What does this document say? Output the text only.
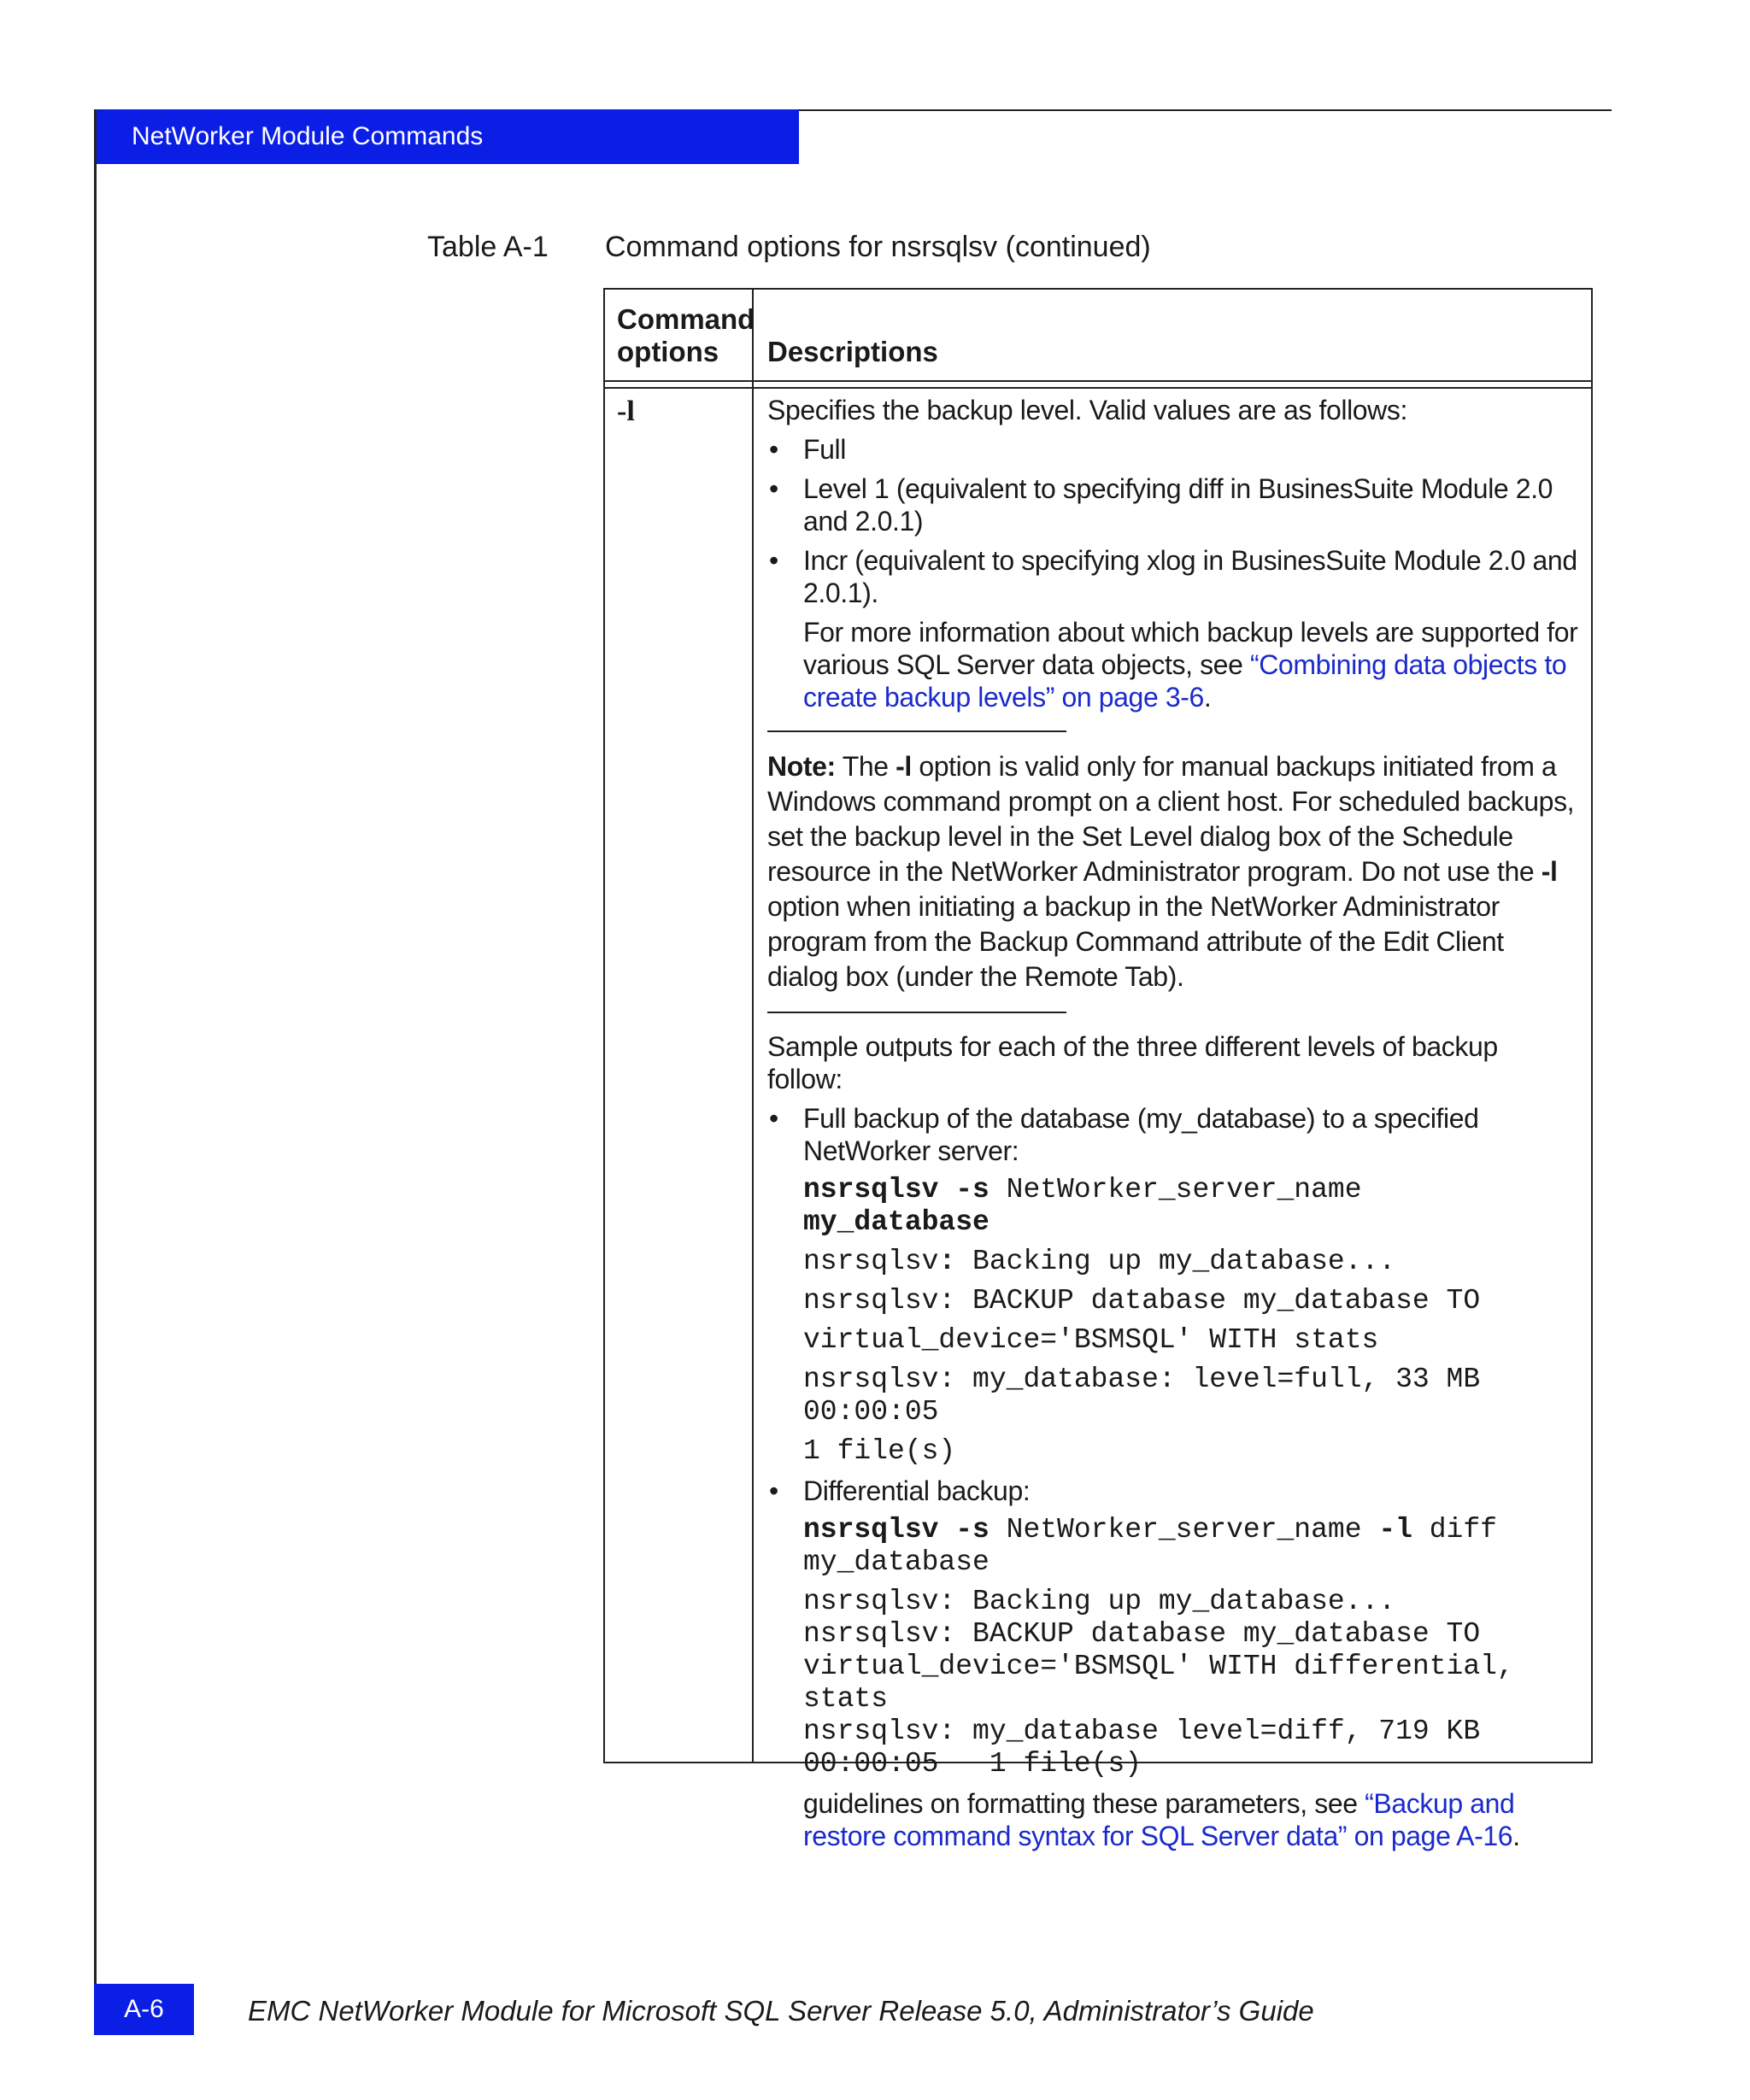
NetWorker Module Commands
Table A-1 Command options for nsrsqlsv (continued)
Command
options	Descriptions
-l	Specifies the backup level. Valid values are as follows:

• Full
• Level 1 (equivalent to specifying diff in BusinesSuite Module 2.0 and 2.0.1)
• Incr (equivalent to specifying xlog in BusinesSuite Module 2.0 and 2.0.1).

For more information about which backup levels are supported for various SQL Server data objects, see “Combining data objects to create backup levels” on page 3-6.

Note: The -l option is valid only for manual backups initiated from a Windows command prompt on a client host. For scheduled backups, set the backup level in the Set Level dialog box of the Schedule resource in the NetWorker Administrator program. Do not use the -l option when initiating a backup in the NetWorker Administrator program from the Backup Command attribute of the Edit Client dialog box (under the Remote Tab).

Sample outputs for each of the three different levels of backup follow:

• Full backup of the database (my_database) to a specified NetWorker server:
nsrsqlsv -s NetWorker_server_name
my_database
nsrsqlsv: Backing up my_database...
nsrsqlsv: BACKUP database my_database TO
virtual_device='BSMSQL' WITH stats
nsrsqlsv: my_database: level=full, 33 MB
00:00:05
1 file(s)
• Differential backup:
nsrsqlsv -s NetWorker_server_name -l diff
my_database
nsrsqlsv: Backing up my_database...
nsrsqlsv: BACKUP database my_database TO
virtual_device='BSMSQL' WITH differential,
stats
nsrsqlsv: my_database level=diff, 719 KB
00:00:05   1 file(s)

guidelines on formatting these parameters, see “Backup and restore command syntax for SQL Server data” on page A-16.

A-6	EMC NetWorker Module for Microsoft SQL Server Release 5.0, Administrator’s Guide
